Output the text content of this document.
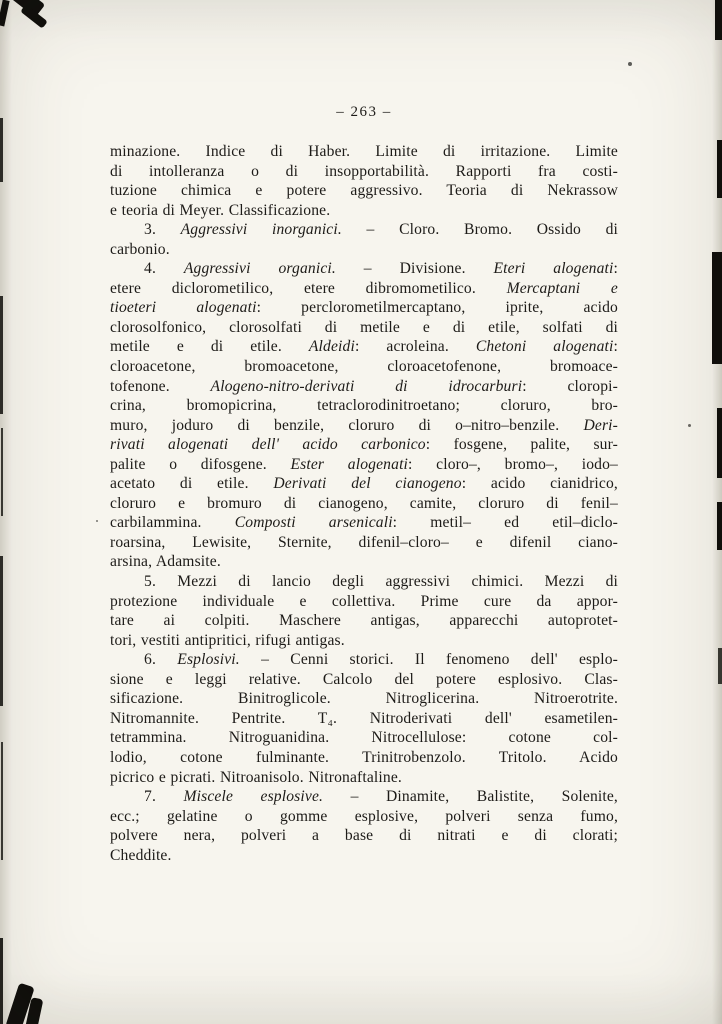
– 263 –
minazione. Indice di Haber. Limite di irritazione. Limite
di intolleranza o di insopportabilità. Rapporti fra costi-
tuzione chimica e potere aggressivo. Teoria di Nekrassow
e teoria di Meyer. Classificazione.
3. Aggressivi inorganici. – Cloro. Bromo. Ossido di
carbonio.
4. Aggressivi organici. – Divisione. Eteri alogenati:
etere diclorometilico, etere dibromometilico. Mercaptani e
tioeteri alogenati: perclorometilmercaptano, iprite, acido
clorosolfonico, clorosolfati di metile e di etile, solfati di
metile e di etile. Aldeidi: acroleina. Chetoni alogenati:
cloroacetone, bromoacetone, cloroacetofenone, bromoace-
tofenone. Alogeno-nitro-derivati di idrocarburi: cloropi-
crina, bromopicrina, tetraclorodinitroetano; cloruro, bro-
muro, joduro di benzile, cloruro di o–nitro–benzile. Deri-
rivati alogenati dell' acido carbonico: fosgene, palite, sur-
palite o difosgene. Ester alogenati: cloro–, bromo–, iodo–
acetato di etile. Derivati del cianogeno: acido cianidrico,
cloruro e bromuro di cianogeno, camite, cloruro di fenil–
carbilammina. Composti arsenicali: metil– ed etil–diclo-
roarsina, Lewisite, Sternite, difenil–cloro– e difenil ciano-
arsina, Adamsite.
5. Mezzi di lancio degli aggressivi chimici. Mezzi di
protezione individuale e collettiva. Prime cure da appor-
tare ai colpiti. Maschere antigas, apparecchi autoprotet-
tori, vestiti antipritici, rifugi antigas.
6. Esplosivi. – Cenni storici. Il fenomeno dell' esplo-
sione e leggi relative. Calcolo del potere esplosivo. Clas-
sificazione. Binitroglicole. Nitroglicerina. Nitroerotrite.
Nitromannite. Pentrite. T₄. Nitroderivati dell' esametilen-
tetrammina. Nitroguanidina. Nitrocellulose: cotone col-
lodio, cotone fulminante. Trinitrobenzolo. Tritolo. Acido
picrico e picrati. Nitroanisolo. Nitronaftaline.
7. Miscele esplosive. – Dinamite, Balistite, Solenite,
ecc.; gelatine o gomme esplosive, polveri senza fumo,
polvere nera, polveri a base di nitrati e di clorati;
Cheddite.
